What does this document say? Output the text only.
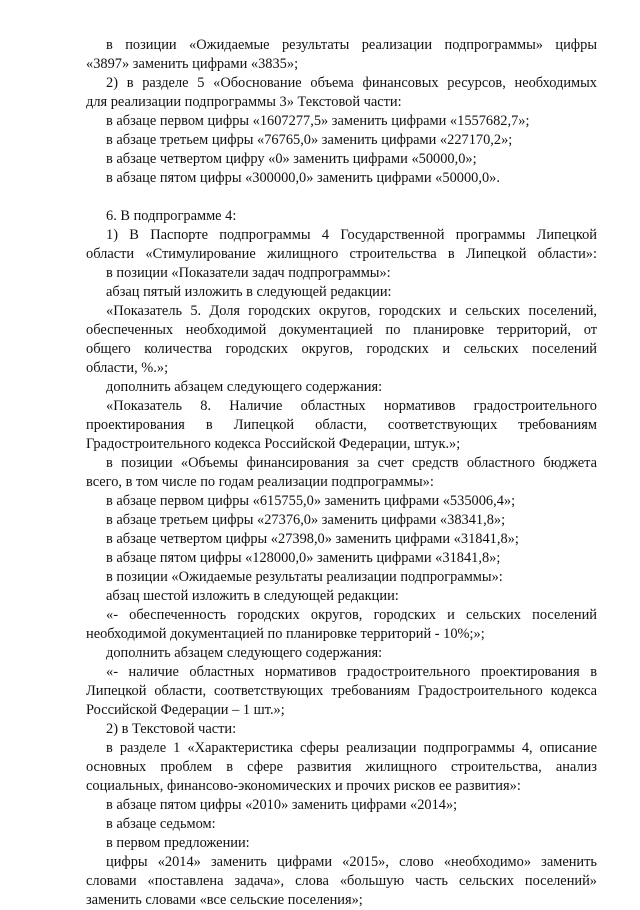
в позиции «Ожидаемые результаты реализации подпрограммы» цифры
«3897» заменить цифрами «3835»;
2) в разделе 5 «Обоснование объема финансовых ресурсов, необходимых
для реализации подпрограммы 3» Текстовой части:
в абзаце первом цифры «1607277,5» заменить цифрами «1557682,7»;
в абзаце третьем цифры «76765,0» заменить цифрами «227170,2»;
в абзаце четвертом цифру «0» заменить цифрами «50000,0»;
в абзаце пятом цифры «300000,0» заменить цифрами «50000,0».
6. В подпрограмме 4:
1) В Паспорте подпрограммы 4 Государственной программы Липецкой
области «Стимулирование жилищного строительства в Липецкой области»:
в позиции «Показатели задач подпрограммы»:
абзац пятый изложить в следующей редакции:
«Показатель 5. Доля городских округов, городских и сельских поселений,
обеспеченных необходимой документацией по планировке территорий, от
общего количества городских округов, городских и сельских поселений
области, %.»;
дополнить абзацем следующего содержания:
«Показатель 8. Наличие областных нормативов градостроительного
проектирования в Липецкой области, соответствующих требованиям
Градостроительного кодекса Российской Федерации, штук.»;
в позиции «Объемы финансирования за счет средств областного бюджета
всего, в том числе по годам реализации подпрограммы»:
в абзаце первом цифры «615755,0» заменить цифрами «535006,4»;
в абзаце третьем цифры «27376,0» заменить цифрами «38341,8»;
в абзаце четвертом цифры «27398,0» заменить цифрами «31841,8»;
в абзаце пятом цифры «128000,0» заменить цифрами «31841,8»;
в позиции «Ожидаемые результаты реализации подпрограммы»:
абзац шестой изложить в следующей редакции:
«- обеспеченность городских округов, городских и сельских поселений
необходимой документацией по планировке территорий - 10%;»;
дополнить абзацем следующего содержания:
«- наличие областных нормативов градостроительного проектирования в
Липецкой области, соответствующих требованиям Градостроительного кодекса
Российской Федерации – 1 шт.»;
2) в Текстовой части:
в разделе 1 «Характеристика сферы реализации подпрограммы 4, описание
основных проблем в сфере развития жилищного строительства, анализ
социальных, финансово-экономических и прочих рисков ее развития»:
в абзаце пятом цифры «2010» заменить цифрами «2014»;
в абзаце седьмом:
в первом предложении:
цифры «2014» заменить цифрами «2015», слово «необходимо» заменить
словами «поставлена задача», слова «большую часть сельских поселений»
заменить словами «все сельские поселения»;
